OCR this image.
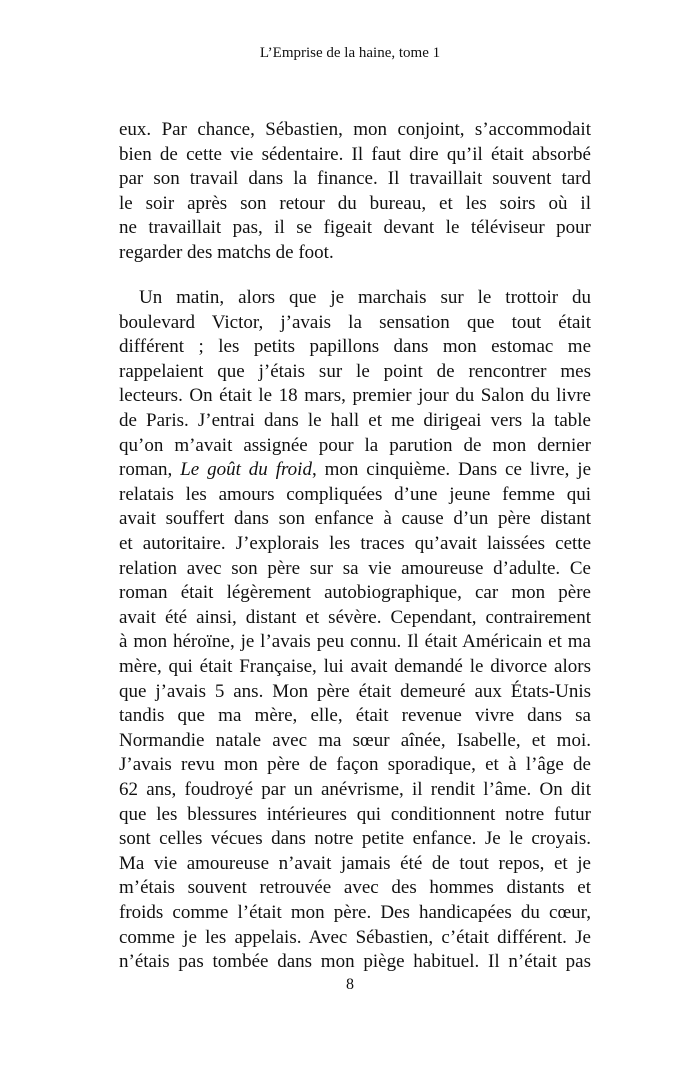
L’Emprise de la haine, tome 1
eux. Par chance, Sébastien, mon conjoint, s’accommodait
bien de cette vie sédentaire. Il faut dire qu’il était absorbé
par son travail dans la finance. Il travaillait souvent tard
le soir après son retour du bureau, et les soirs où il
ne travaillait pas, il se figeait devant le téléviseur pour
regarder des matchs de foot.
Un matin, alors que je marchais sur le trottoir du
boulevard Victor, j’avais la sensation que tout était
différent ; les petits papillons dans mon estomac me
rappelaient que j’étais sur le point de rencontrer mes
lecteurs. On était le 18 mars, premier jour du Salon du livre
de Paris. J’entrai dans le hall et me dirigeai vers la table
qu’on m’avait assignée pour la parution de mon dernier
roman, Le goût du froid, mon cinquième. Dans ce livre, je
relatais les amours compliquées d’une jeune femme qui
avait souffert dans son enfance à cause d’un père distant
et autoritaire. J’explorais les traces qu’avait laissées cette
relation avec son père sur sa vie amoureuse d’adulte. Ce
roman était légèrement autobiographique, car mon père
avait été ainsi, distant et sévère. Cependant, contrairement
à mon héroïne, je l’avais peu connu. Il était Américain et ma
mère, qui était Française, lui avait demandé le divorce alors
que j’avais 5 ans. Mon père était demeuré aux États-Unis
tandis que ma mère, elle, était revenue vivre dans sa
Normandie natale avec ma sœur aînée, Isabelle, et moi.
J’avais revu mon père de façon sporadique, et à l’âge de
62 ans, foudroyé par un anévrisme, il rendit l’âme. On dit
que les blessures intérieures qui conditionnent notre futur
sont celles vécues dans notre petite enfance. Je le croyais.
Ma vie amoureuse n’avait jamais été de tout repos, et je
m’étais souvent retrouvée avec des hommes distants et
froids comme l’était mon père. Des handicapées du cœur,
comme je les appelais. Avec Sébastien, c’était différent. Je
n’étais pas tombée dans mon piège habituel. Il n’était pas
8
